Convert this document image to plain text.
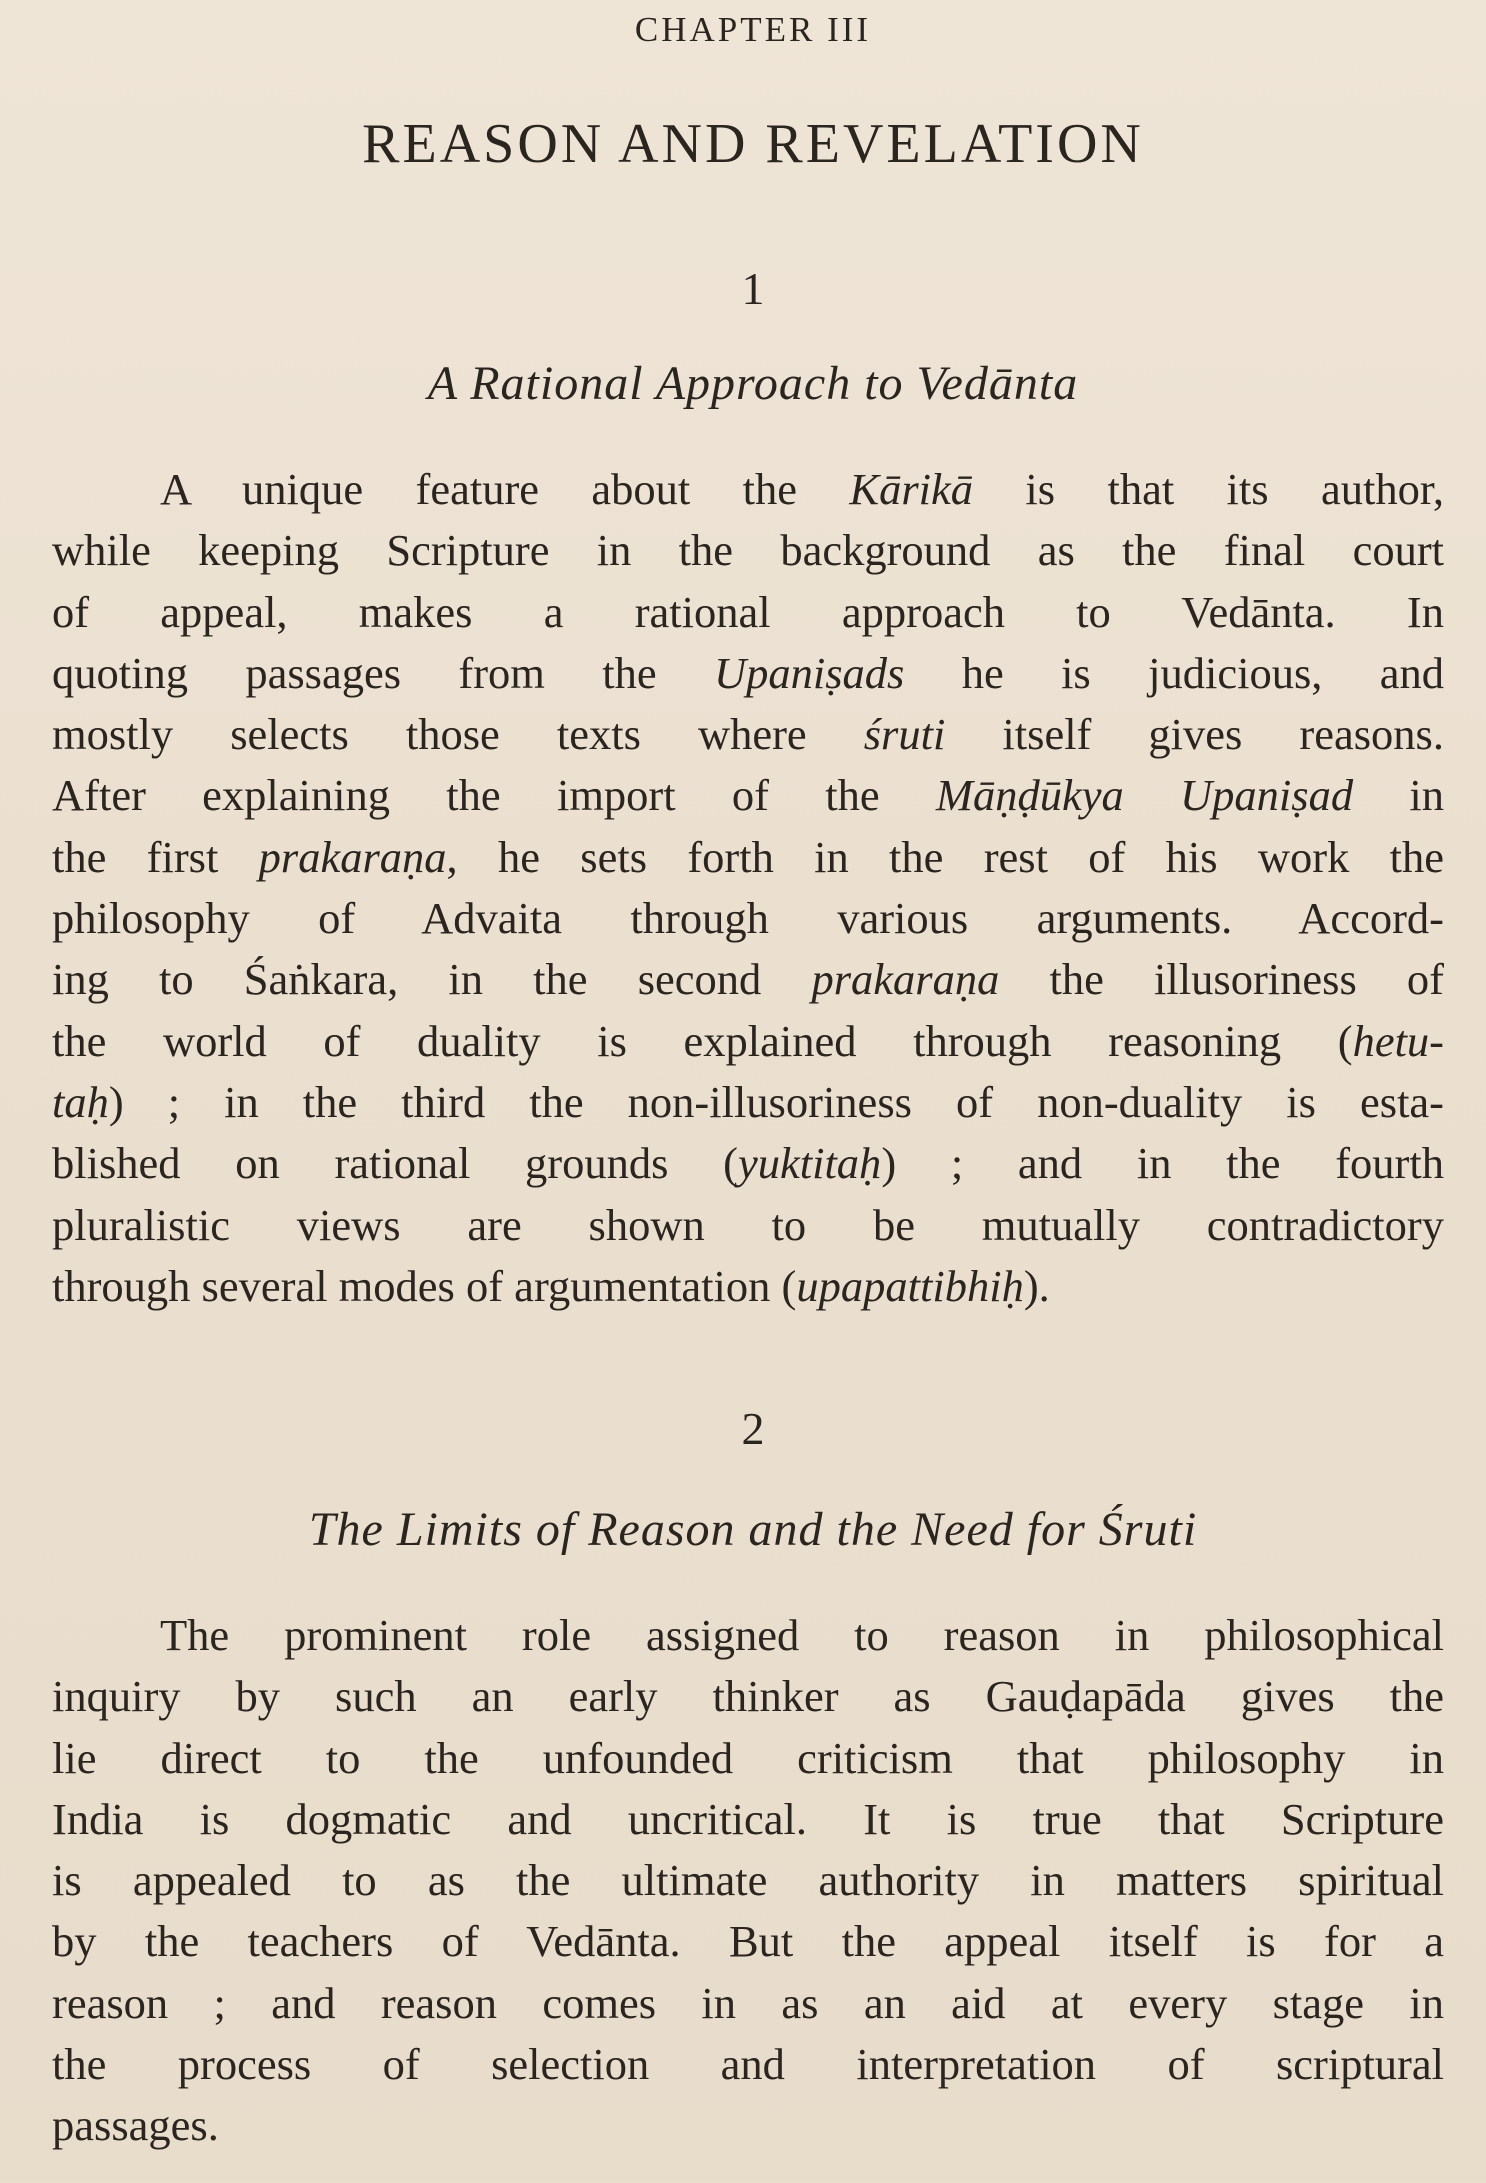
CHAPTER III
REASON AND REVELATION
1
A Rational Approach to Vedānta
A unique feature about the Kārikā is that its author,
while keeping Scripture in the background as the final court
of appeal, makes a rational approach to Vedānta. In
quoting passages from the Upaniṣads he is judicious, and
mostly selects those texts where śruti itself gives reasons.
After explaining the import of the Māṇḍūkya Upaniṣad in
the first prakaraṇa, he sets forth in the rest of his work the
philosophy of Advaita through various arguments. Accord-
ing to Śaṅkara, in the second prakaraṇa the illusoriness of
the world of duality is explained through reasoning (hetu-
taḥ) ; in the third the non-illusoriness of non-duality is esta-
blished on rational grounds (yuktitaḥ) ; and in the fourth
pluralistic views are shown to be mutually contradictory
through several modes of argumentation (upapattibhiḥ).
2
The Limits of Reason and the Need for Śruti
The prominent role assigned to reason in philosophical
inquiry by such an early thinker as Gauḍapāda gives the
lie direct to the unfounded criticism that philosophy in
India is dogmatic and uncritical. It is true that Scripture
is appealed to as the ultimate authority in matters spiritual
by the teachers of Vedānta. But the appeal itself is for a
reason ; and reason comes in as an aid at every stage in
the process of selection and interpretation of scriptural
passages.
